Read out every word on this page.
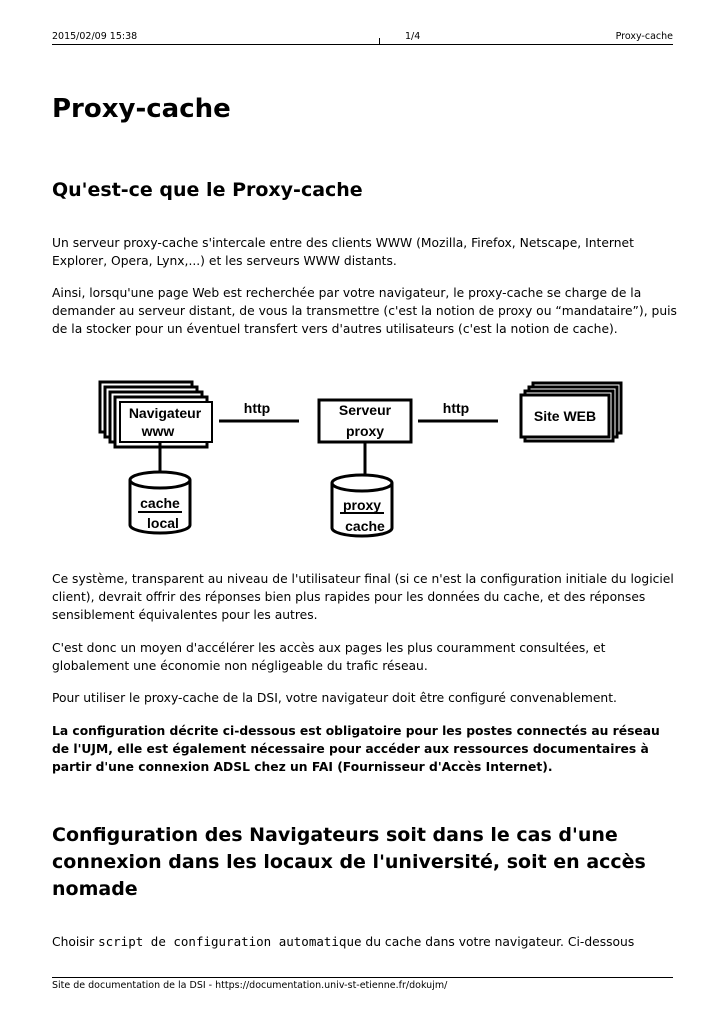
2015/02/09 15:38	1/4	Proxy-cache
Proxy-cache
Qu'est-ce que le Proxy-cache

Un serveur proxy-cache s'intercale entre des clients WWW (Mozilla, Firefox, Netscape, Internet Explorer, Opera, Lynx,...) et les serveurs WWW distants.

Ainsi, lorsqu'une page Web est recherchée par votre navigateur, le proxy-cache se charge de la demander au serveur distant, de vous la transmettre (c'est la notion de proxy ou “mandataire”), puis de la stocker pour un éventuel transfert vers d'autres utilisateurs (c'est la notion de cache).

Navigateur
www
http	Serveur
proxy
http	Site WEB
cache
local
proxy
cache

Ce système, transparent au niveau de l'utilisateur final (si ce n'est la configuration initiale du logiciel client), devrait offrir des réponses bien plus rapides pour les données du cache, et des réponses sensiblement équivalentes pour les autres.

C'est donc un moyen d'accélérer les accès aux pages les plus couramment consultées, et globalement une économie non négligeable du trafic réseau.

Pour utiliser le proxy-cache de la DSI, votre navigateur doit être configuré convenablement.

La configuration décrite ci-dessous est obligatoire pour les postes connectés au réseau de l'UJM, elle est également nécessaire pour accéder aux ressources documentaires à partir d'une connexion ADSL chez un FAI (Fournisseur d'Accès Internet).

Configuration des Navigateurs soit dans le cas d'une connexion dans les locaux de l'université, soit en accès nomade

Choisir script de configuration automatique du cache dans votre navigateur. Ci-dessous

Site de documentation de la DSI - https://documentation.univ-st-etienne.fr/dokujm/
